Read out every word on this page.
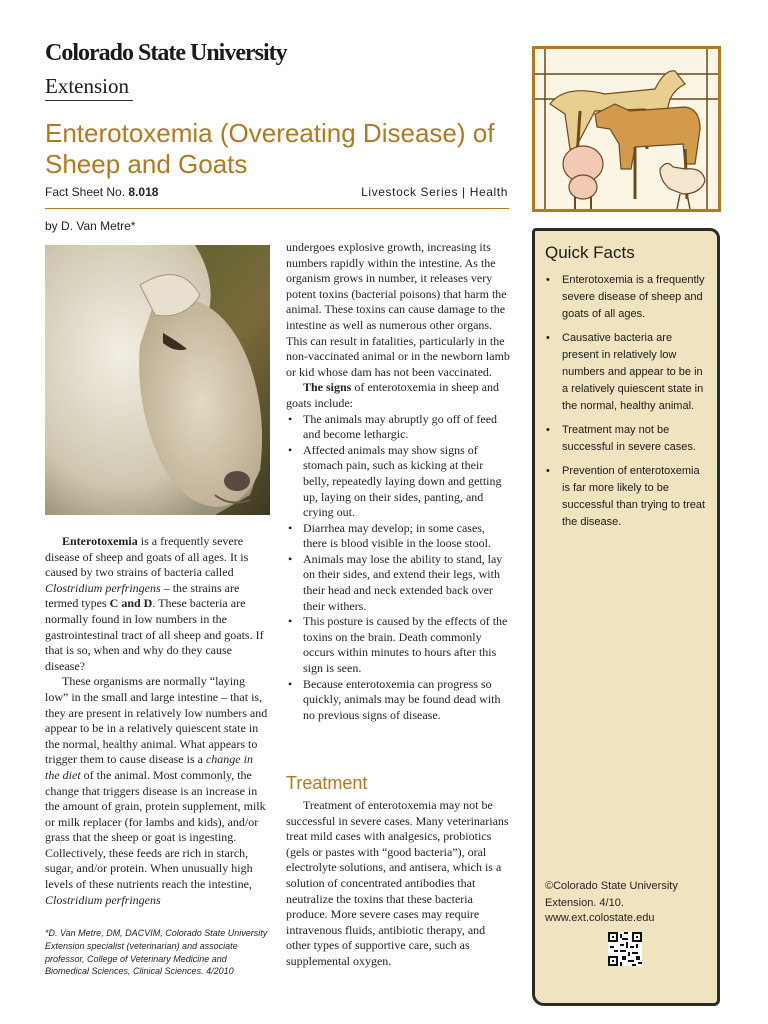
Colorado State University
Extension
Enterotoxemia (Overeating Disease) of Sheep and Goats
Fact Sheet No. 8.018	Livestock Series | Health
by D. Van Metre*

Enterotoxemia is a frequently severe disease of sheep and goats of all ages. It is caused by two strains of bacteria called Clostridium perfringens – the strains are termed types C and D. These bacteria are normally found in low numbers in the gastrointestinal tract of all sheep and goats. If that is so, when and why do they cause disease?

These organisms are normally “laying low” in the small and large intestine – that is, they are present in relatively low numbers and appear to be in a relatively quiescent state in the normal, healthy animal. What appears to trigger them to cause disease is a change in the diet of the animal. Most commonly, the change that triggers disease is an increase in the amount of grain, protein supplement, milk or milk replacer (for lambs and kids), and/or grass that the sheep or goat is ingesting. Collectively, these feeds are rich in starch, sugar, and/or protein. When unusually high levels of these nutrients reach the intestine, Clostridium perfringens

*D. Van Metre, DM, DACVIM, Colorado State University Extension specialist (veterinarian) and associate professor, College of Veterinary Medicine and Biomedical Sciences, Clinical Sciences. 4/2010

undergoes explosive growth, increasing its numbers rapidly within the intestine. As the organism grows in number, it releases very potent toxins (bacterial poisons) that harm the animal. These toxins can cause damage to the intestine as well as numerous other organs. This can result in fatalities, particularly in the non-vaccinated animal or in the newborn lamb or kid whose dam has not been vaccinated.

The signs of enterotoxemia in sheep and goats include:

• The animals may abruptly go off of feed and become lethargic.
• Affected animals may show signs of stomach pain, such as kicking at their belly, repeatedly laying down and getting up, laying on their sides, panting, and crying out.
• Diarrhea may develop; in some cases, there is blood visible in the loose stool.
• Animals may lose the ability to stand, lay on their sides, and extend their legs, with their head and neck extended back over their withers.
• This posture is caused by the effects of the toxins on the brain. Death commonly occurs within minutes to hours after this sign is seen.
• Because enterotoxemia can progress so quickly, animals may be found dead with no previous signs of disease.
Treatment

Treatment of enterotoxemia may not be successful in severe cases. Many veterinarians treat mild cases with analgesics, probiotics (gels or pastes with “good bacteria”), oral electrolyte solutions, and antisera, which is a solution of concentrated antibodies that neutralize the toxins that these bacteria produce. More severe cases may require intravenous fluids, antibiotic therapy, and other types of supportive care, such as supplemental oxygen.

Quick Facts
• Enterotoxemia is a frequently severe disease of sheep and goats of all ages.
• Causative bacteria are present in relatively low numbers and appear to be in a relatively quiescent state in the normal, healthy animal.
• Treatment may not be successful in severe cases.
• Prevention of enterotoxemia is far more likely to be successful than trying to treat the disease.
©Colorado State University Extension. 4/10.
www.ext.colostate.edu
